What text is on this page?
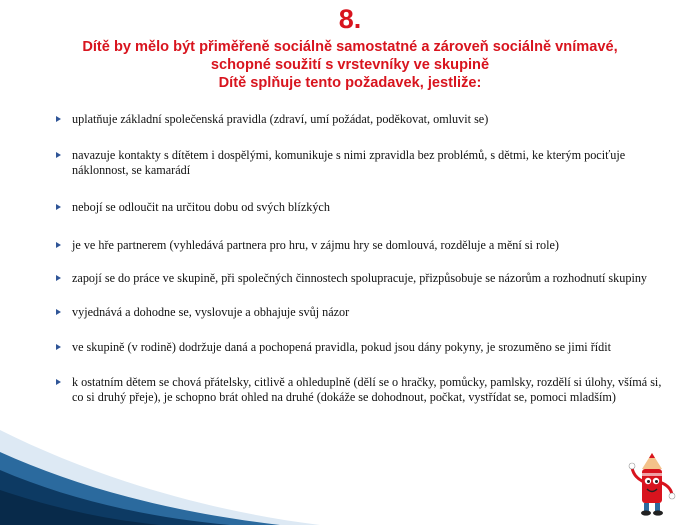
8.
Dítě by mělo být přiměřeně sociálně samostatné a zároveň sociálně vnímavé,
schopné soužití s vrstevníky ve skupině
Dítě splňuje tento požadavek, jestliže:
uplatňuje základní společenská pravidla (zdraví, umí požádat, poděkovat, omluvit se)
navazuje kontakty s dítětem i dospělými, komunikuje s nimi zpravidla bez problémů, s dětmi, ke kterým pociťuje náklonnost, se kamarádí
nebojí se odloučit na určitou dobu od svých blízkých
je ve hře partnerem (vyhledává partnera pro hru, v zájmu hry se domlouvá, rozděluje a mění si role)
zapojí se do práce ve skupině, při společných činnostech spolupracuje, přizpůsobuje se názorům a rozhodnutí skupiny
vyjednává a dohodne se, vyslovuje a obhajuje svůj názor
ve skupině (v rodině) dodržuje daná a pochopená pravidla, pokud jsou dány pokyny, je srozuměno se jimi řídit
k ostatním dětem se chová přátelsky, citlivě a ohleduplně (dělí se o hračky, pomůcky, pamlsky, rozdělí si úlohy, všímá si, co si druhý přeje), je schopno brát ohled na druhé (dokáže se dohodnout, počkat, vystřídat se, pomoci mladším)
